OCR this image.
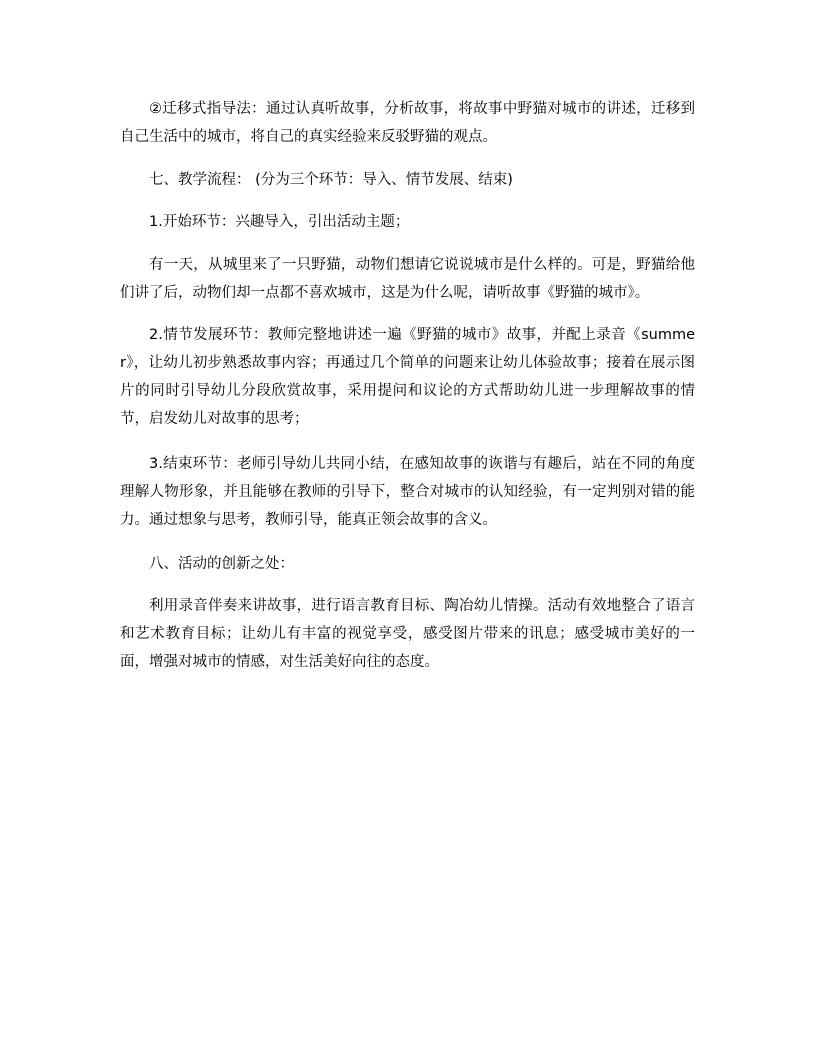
②迁移式指导法：通过认真听故事，分析故事，将故事中野猫对城市的讲述，迁移到自己生活中的城市，将自己的真实经验来反驳野猫的观点。

七、教学流程： (分为三个环节：导入、情节发展、结束)

1.开始环节：兴趣导入，引出活动主题；

有一天，从城里来了一只野猫，动物们想请它说说城市是什么样的。可是，野猫给他们讲了后，动物们却一点都不喜欢城市，这是为什么呢，请听故事《野猫的城市》。

2.情节发展环节：教师完整地讲述一遍《野猫的城市》故事，并配上录音《summer》，让幼儿初步熟悉故事内容；再通过几个简单的问题来让幼儿体验故事；接着在展示图片的同时引导幼儿分段欣赏故事，采用提问和议论的方式帮助幼儿进一步理解故事的情节，启发幼儿对故事的思考；

3.结束环节：老师引导幼儿共同小结，在感知故事的诙谐与有趣后，站在不同的角度理解人物形象，并且能够在教师的引导下，整合对城市的认知经验，有一定判别对错的能力。通过想象与思考，教师引导，能真正领会故事的含义。

八、活动的创新之处：

利用录音伴奏来讲故事，进行语言教育目标、陶冶幼儿情操。活动有效地整合了语言和艺术教育目标；让幼儿有丰富的视觉享受，感受图片带来的讯息；感受城市美好的一面，增强对城市的情感，对生活美好向往的态度。
